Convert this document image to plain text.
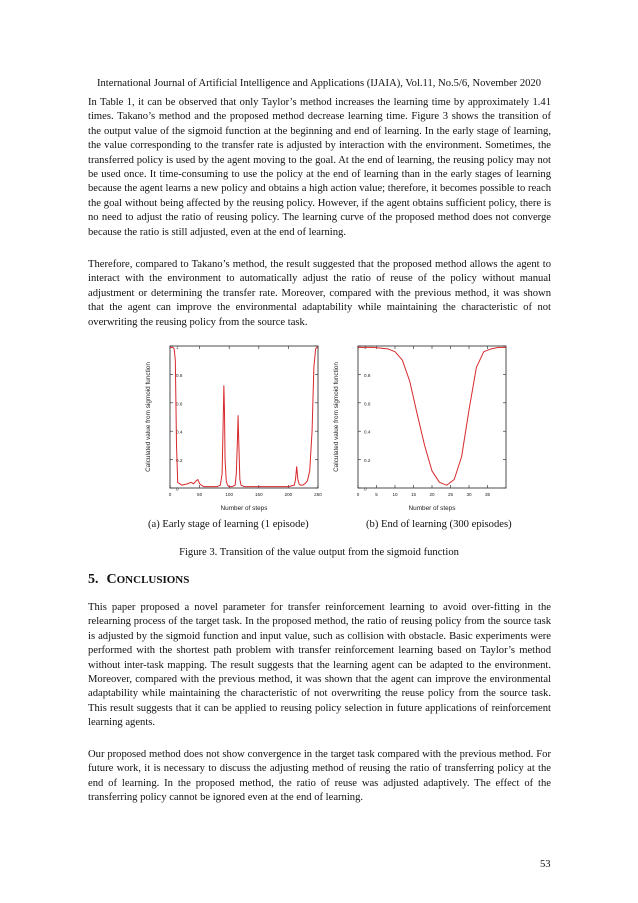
International Journal of Artificial Intelligence and Applications (IJAIA), Vol.11, No.5/6, November 2020

In Table 1, it can be observed that only Taylor’s method increases the learning time by approximately 1.41 times. Takano’s method and the proposed method decrease learning time. Figure 3 shows the transition of the output value of the sigmoid function at the beginning and end of learning. In the early stage of learning, the value corresponding to the transfer rate is adjusted by interaction with the environment. Sometimes, the transferred policy is used by the agent moving to the goal. At the end of learning, the reusing policy may not be used once. It time-consuming to use the policy at the end of learning than in the early stages of learning because the agent learns a new policy and obtains a high action value; therefore, it becomes possible to reach the goal without being affected by the reusing policy. However, if the agent obtains sufficient policy, there is no need to adjust the ratio of reusing policy. The learning curve of the proposed method does not converge because the ratio is still adjusted, even at the end of learning.

Therefore, compared to Takano’s method, the result suggested that the proposed method allows the agent to interact with the environment to automatically adjust the ratio of reuse of the policy without manual adjustment or determining the transfer rate. Moreover, compared with the previous method, it was shown that the agent can improve the environmental adaptability while maintaining the characteristic of not overwriting the reusing policy from the source task.

0
0.2
0.4
0.6
0.8
1
0	50	100	150	200	250
Number of steps
Calculated value from sigmoid function
0
0.2
0.4
0.6
0.8
1
0	5	10	15	20	25	30	35
Number of steps
Calculated value from sigmoid function
(a) Early stage of learning (1 episode)	(b) End of learning (300 episodes)
Figure 3. Transition of the value output from the sigmoid function
5. CONCLUSIONS

This paper proposed a novel parameter for transfer reinforcement learning to avoid over-fitting in the relearning process of the target task. In the proposed method, the ratio of reusing policy from the source task is adjusted by the sigmoid function and input value, such as collision with obstacle. Basic experiments were performed with the shortest path problem with transfer reinforcement learning based on Taylor’s method without inter-task mapping. The result suggests that the learning agent can be adapted to the environment. Moreover, compared with the previous method, it was shown that the agent can improve the environmental adaptability while maintaining the characteristic of not overwriting the reuse policy from the source task. This result suggests that it can be applied to reusing policy selection in future applications of reinforcement learning agents.

Our proposed method does not show convergence in the target task compared with the previous method. For future work, it is necessary to discuss the adjusting method of reusing the ratio of transferring policy at the end of learning. In the proposed method, the ratio of reuse was adjusted adaptively. The effect of the transferring policy cannot be ignored even at the end of learning.

53
